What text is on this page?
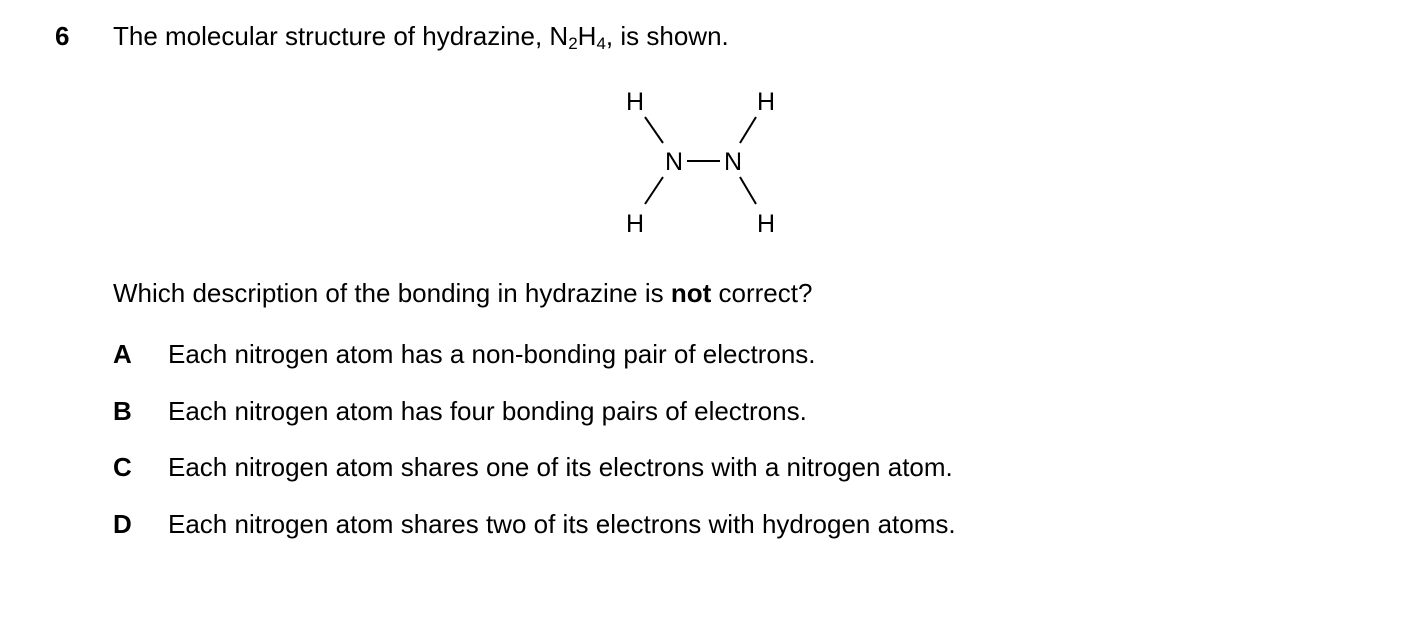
6 The molecular structure of hydrazine, $N_2H_4$, is shown.
H	H
N N
H	H
Which description of the bonding in hydrazine is not correct?
A	Each nitrogen atom has a non-bonding pair of electrons.
B	Each nitrogen atom has four bonding pairs of electrons.
C	Each nitrogen atom shares one of its electrons with a nitrogen atom.
D	Each nitrogen atom shares two of its electrons with hydrogen atoms.
